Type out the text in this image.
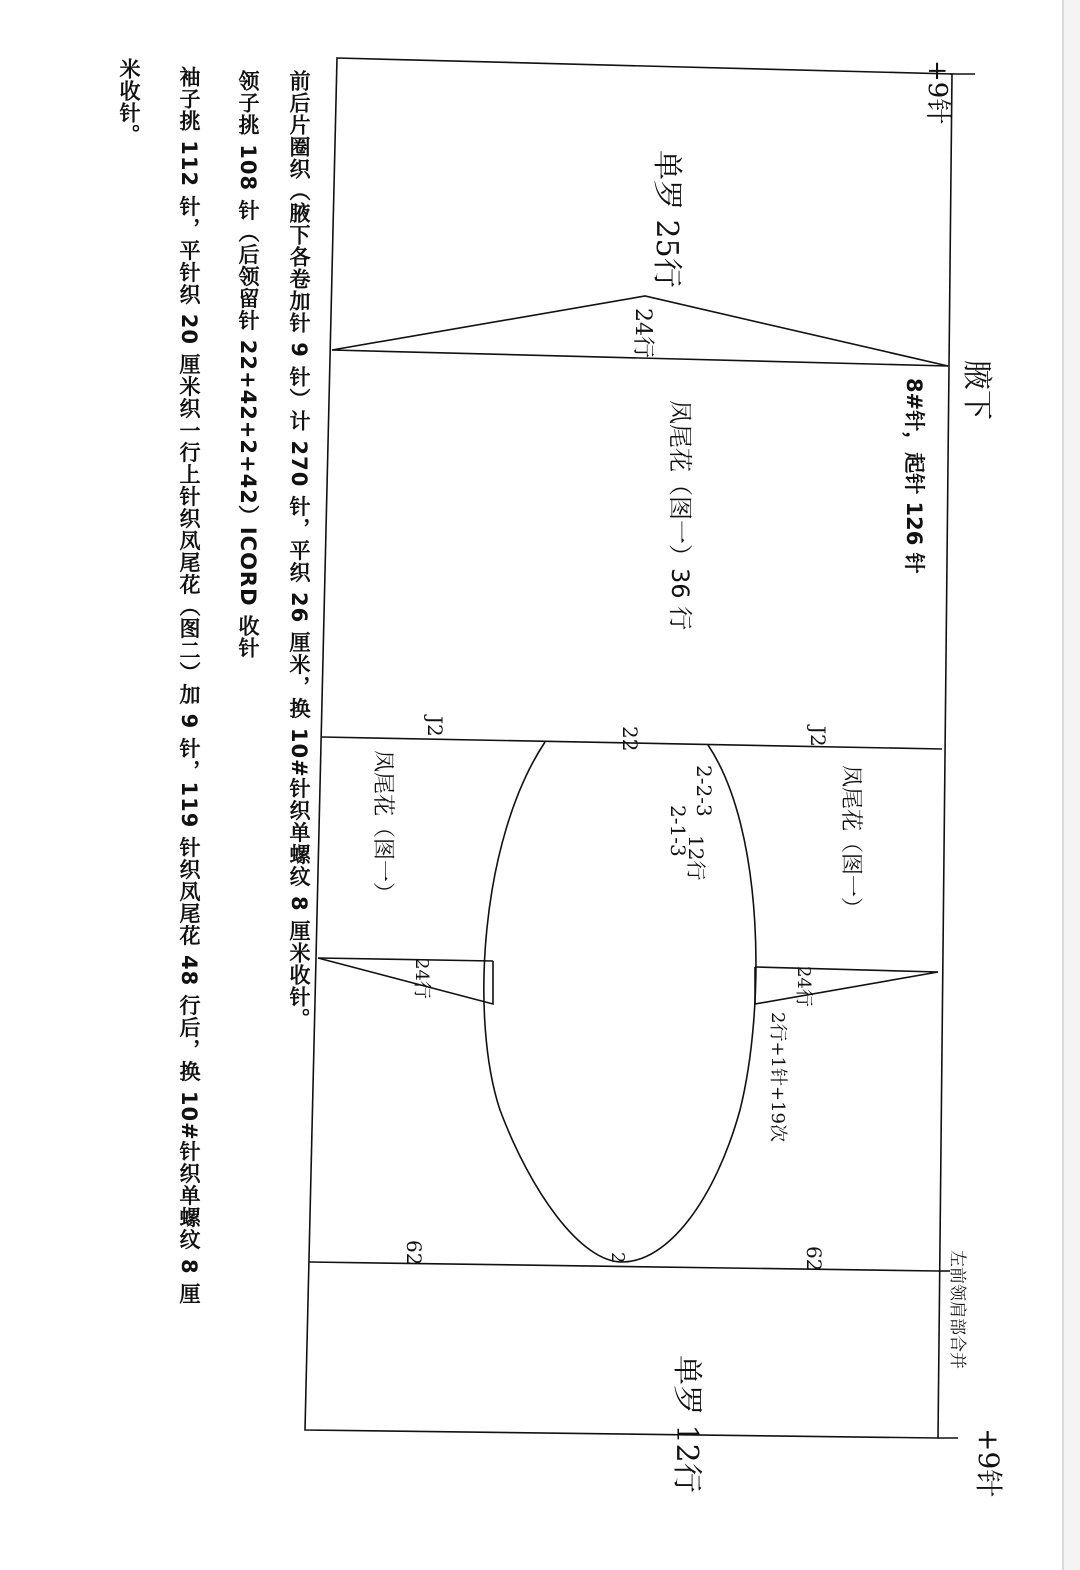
+9针
+9针
腋下
单罗 25行
24行
8#针，起针 126 针
凤尾花（图一）36 行
22
J2	J2
2-2-3
2-1-3
12行
凤尾花（图一）	凤尾花（图一）
24行	24行
2行+1针+19次
2
62	62	左前领肩部合并
单罗 12行

前后片圈织（腋下各卷加针 9 针）计 270 针，平织 26 厘米，换 10#针织单螺纹 8 厘米收针。

领子挑 108 针（后领留针 22+42+2+42）ICORD 收针

袖子挑 112 针，平针织 20 厘米织一行上针织凤尾花（图二）加 9 针，119 针织凤尾花 48 行后，换 10#针织单螺纹 8 厘

米收针。
